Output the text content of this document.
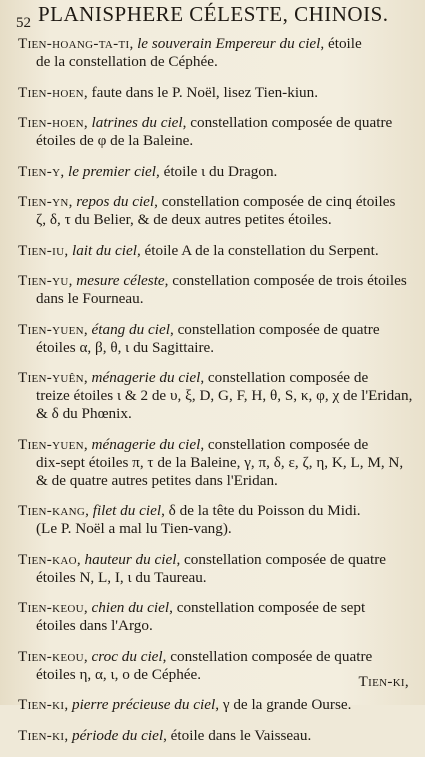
52 PLANISPHERE CÉLESTE, CHINOIS.
Tien-hoang-ta-ti, le souverain Empereur du ciel, étoile
de la constellation de Céphée.
Tien-hoen, faute dans le P. Noël, lisez Tien-kiun.
Tien-hoen, latrines du ciel, constellation composée de quatre
étoiles de φ de la Baleine.
Tien-y, le premier ciel, étoile ι du Dragon.
Tien-yn, repos du ciel, constellation composée de cinq étoiles
ζ, δ, τ du Belier, & de deux autres petites étoiles.
Tien-iu, lait du ciel, étoile A de la constellation du Serpent.
Tien-yu, mesure céleste, constellation composée de trois étoiles
dans le Fourneau.
Tien-yuen, étang du ciel, constellation composée de quatre
étoiles α, β, θ, ι du Sagittaire.
Tien-yuên, ménagerie du ciel, constellation composée de
treize étoiles ι & 2 de υ, ξ, D, G, F, H, θ, S, κ, φ, χ de l'Eridan, & δ du Phœnix.
Tien-yuen, ménagerie du ciel, constellation composée de
dix-sept étoiles π, τ de la Baleine, γ, π, δ, ε, ζ, η, K, L, M, N, & de quatre autres petites dans l'Eridan.
Tien-kang, filet du ciel, δ de la tête du Poisson du Midi.
(Le P. Noël a mal lu Tien-vang).
Tien-kao, hauteur du ciel, constellation composée de quatre
étoiles N, L, I, ι du Taureau.
Tien-keou, chien du ciel, constellation composée de sept
étoiles dans l'Argo.
Tien-keou, croc du ciel, constellation composée de quatre
étoiles η, α, ι, ο de Céphée.
Tien-ki, pierre précieuse du ciel, γ de la grande Ourse.
Tien-ki, période du ciel, étoile dans le Vaisseau.
Tien-ki,
